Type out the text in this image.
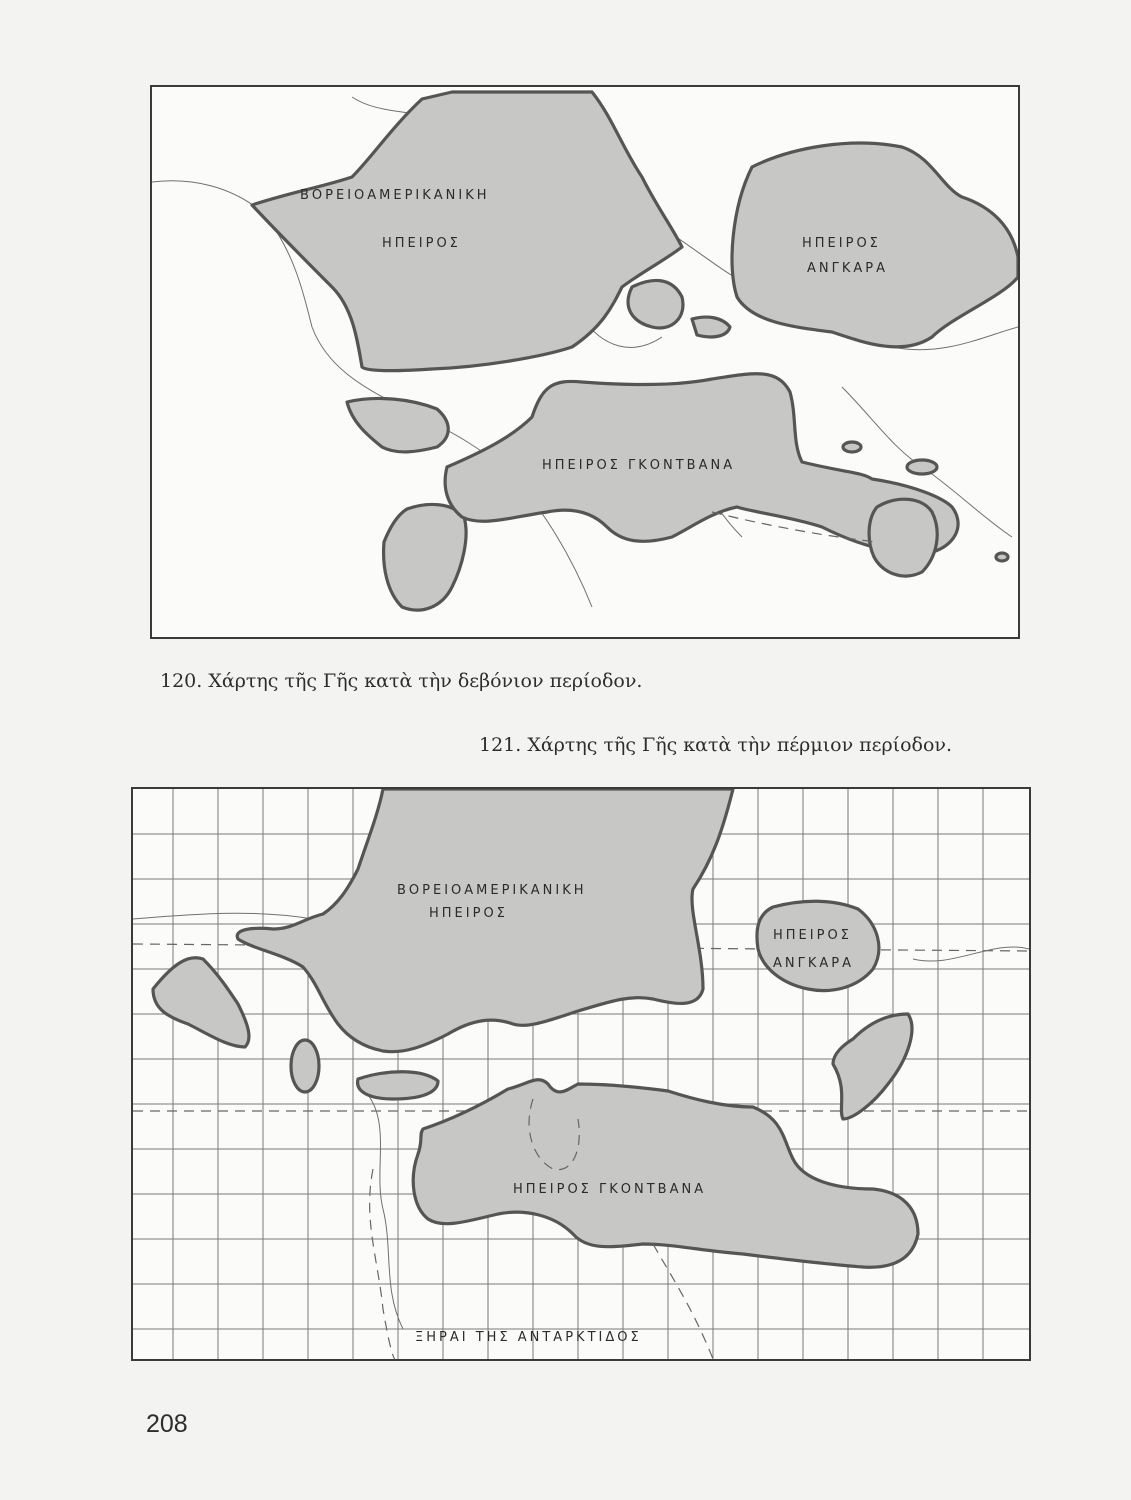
ΒΟΡΕΙΟΑΜΕΡΙΚΑΝΙΚΗ
ΗΠΕΙΡΟΣ	ΗΠΕΙΡΟΣ
ΑΝΓΚΑΡΑ
ΗΠΕΙΡΟΣ ΓΚΟΝΤΒΑΝΑ
120. Χάρτης τῆς Γῆς κατὰ τὴν δεβόνιον περίοδον.
121. Χάρτης τῆς Γῆς κατὰ τὴν πέρμιον περίοδον.
ΒΟΡΕΙΟΑΜΕΡΙΚΑΝΙΚΗ
ΗΠΕΙΡΟΣ
ΗΠΕΙΡΟΣ
ΑΝΓΚΑΡΑ
ΗΠΕΙΡΟΣ ΓΚΟΝΤΒΑΝΑ
ΞΗΡΑΙ ΤΗΣ ΑΝΤΑΡΚΤΙΔΟΣ
208
